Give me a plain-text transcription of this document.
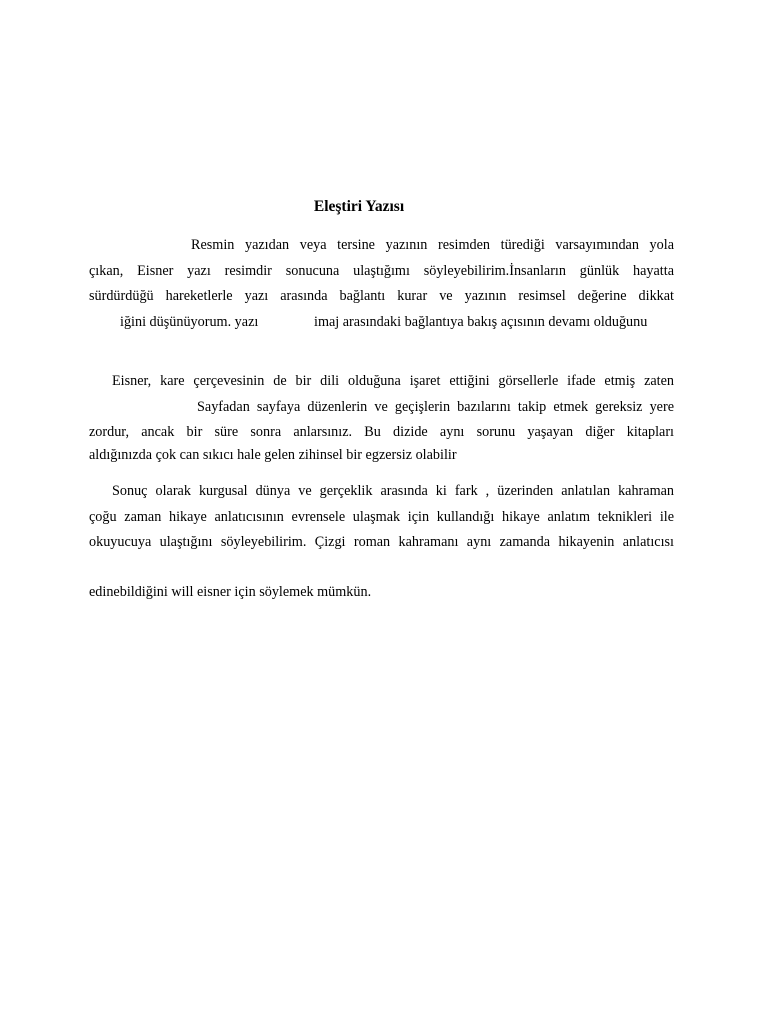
Eleştiri Yazısı

Resmin yazıdan veya tersine yazının resimden türediği varsayımından yola

çıkan, Eisner yazı resimdir sonucuna ulaştığımı söyleyebilirim.İnsanların günlük hayatta

sürdürdüğü hareketlerle yazı arasında bağlantı kurar ve yazının resimsel değerine dikkat

iğini düşünüyorum. yazı	imaj arasındaki bağlantıya bakış açısının devamı olduğunu

Eisner, kare çerçevesinin de bir dili olduğuna işaret ettiğini görsellerle ifade etmiş zaten

Sayfadan sayfaya düzenlerin ve geçişlerin bazılarını takip etmek gereksiz yere

zordur, ancak bir süre sonra anlarsınız. Bu dizide aynı sorunu yaşayan diğer kitapları

aldığınızda çok can sıkıcı hale gelen zihinsel bir egzersiz olabilir

Sonuç olarak kurgusal dünya ve gerçeklik arasında ki fark , üzerinden anlatılan kahraman

çoğu zaman hikaye anlatıcısının evrensele ulaşmak için kullandığı hikaye anlatım teknikleri ile

okuyucuya ulaştığını söyleyebilirim. Çizgi roman kahramanı aynı zamanda hikayenin anlatıcısı

edinebildiğini will eisner için söylemek mümkün.
